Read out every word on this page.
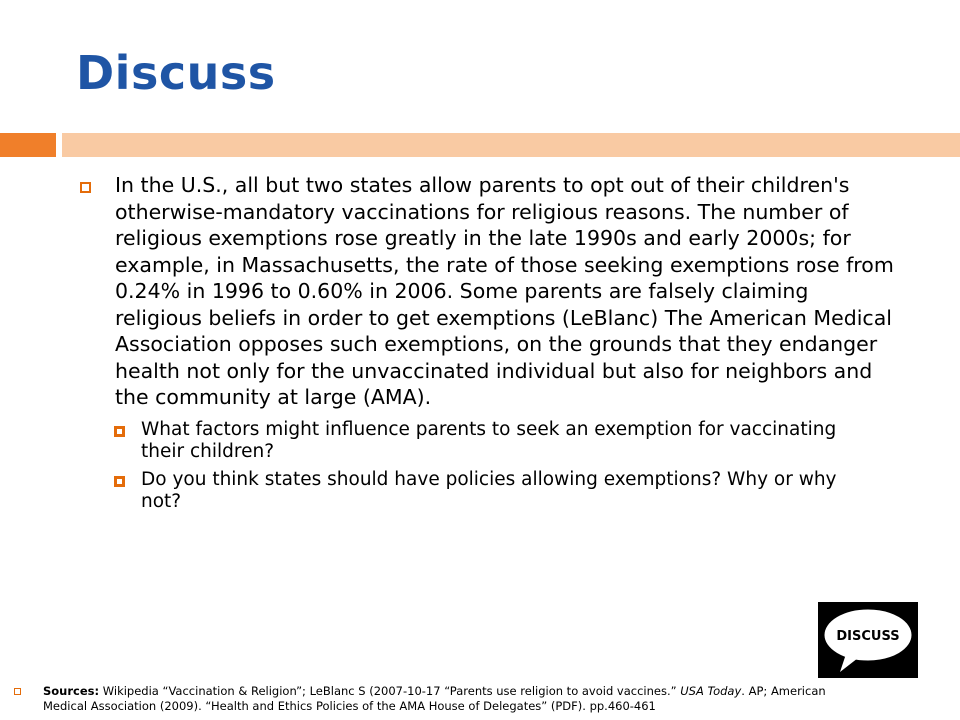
Discuss
In the U.S., all but two states allow parents to opt out of their children's otherwise-mandatory vaccinations for religious reasons. The number of religious exemptions rose greatly in the late 1990s and early 2000s; for example, in Massachusetts, the rate of those seeking exemptions rose from 0.24% in 1996 to 0.60% in 2006. Some parents are falsely claiming religious beliefs in order to get exemptions (LeBlanc) The American Medical Association opposes such exemptions, on the grounds that they endanger health not only for the unvaccinated individual but also for neighbors and the community at large (AMA).
What factors might influence parents to seek an exemption for vaccinating their children?
Do you think states should have policies allowing exemptions? Why or why not?
DISCUSS
Sources: Wikipedia “Vaccination & Religion”; LeBlanc S (2007-10-17 “Parents use religion to avoid vaccines.” USA Today. AP; American Medical Association (2009). “Health and Ethics Policies of the AMA House of Delegates” (PDF). pp.460-461
